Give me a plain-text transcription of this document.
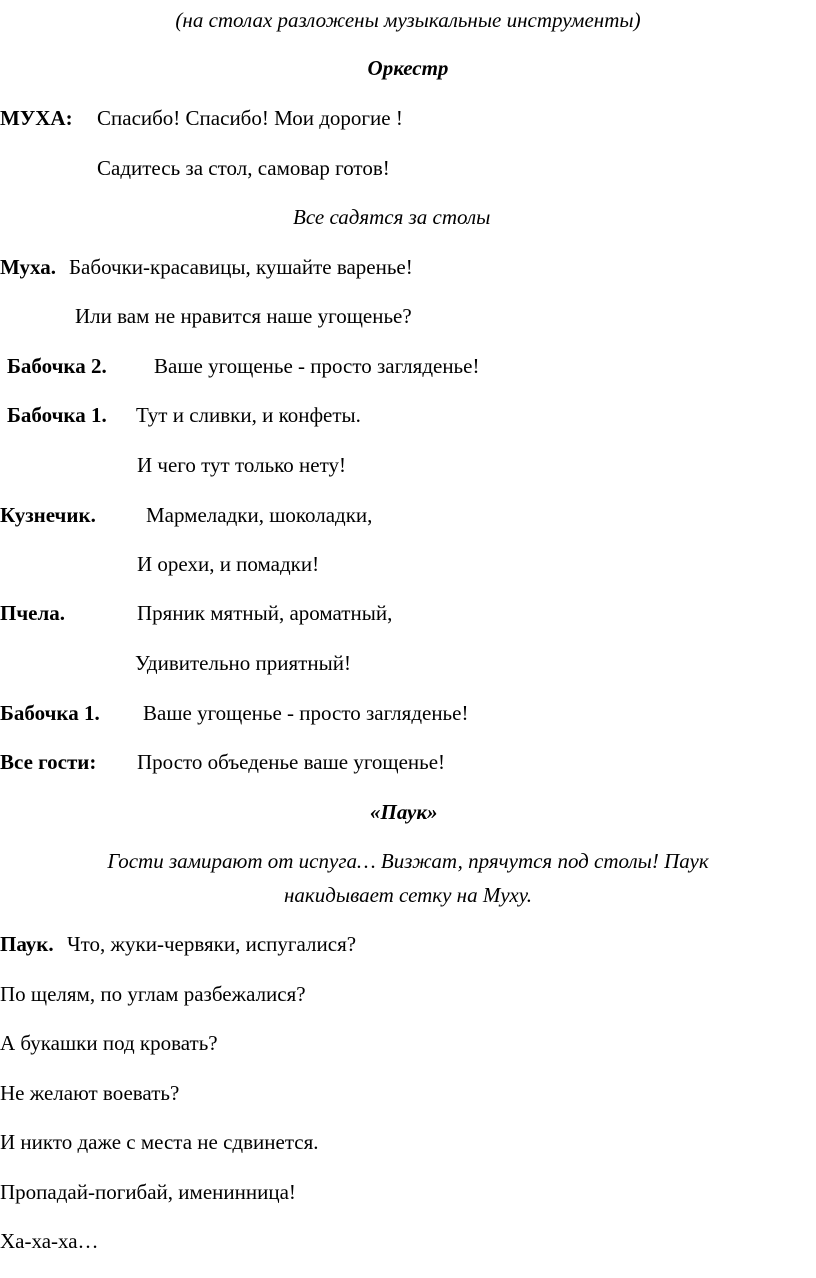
(на столах разложены музыкальные инструменты)
Оркестр
МУХА: Спасибо! Спасибо! Мои дорогие !
Садитесь за стол, самовар готов!
Все садятся за столы
Муха. Бабочки-красавицы, кушайте варенье!
Или вам не нравится наше угощенье?
Бабочка 2. Ваше угощенье - просто загляденье!
Бабочка 1. Тут и сливки, и конфеты.
И чего тут только нету!
Кузнечик. Мармеладки, шоколадки,
И орехи, и помадки!
Пчела.	Пряник мятный, ароматный,
Удивительно приятный!
Бабочка 1. Ваше угощенье - просто загляденье!
Все гости: Просто объеденье ваше угощенье!
«Паук»
Гости замирают от испуга… Визжат, прячутся под столы! Паук
накидывает сетку на Муху.
Паук. Что, жуки-червяки, испугалися?
По щелям, по углам разбежалися?
А букашки под кровать?
Не желают воевать?
И никто даже с места не сдвинется.
Пропадай-погибай, именинница!
Ха-ха-ха…
